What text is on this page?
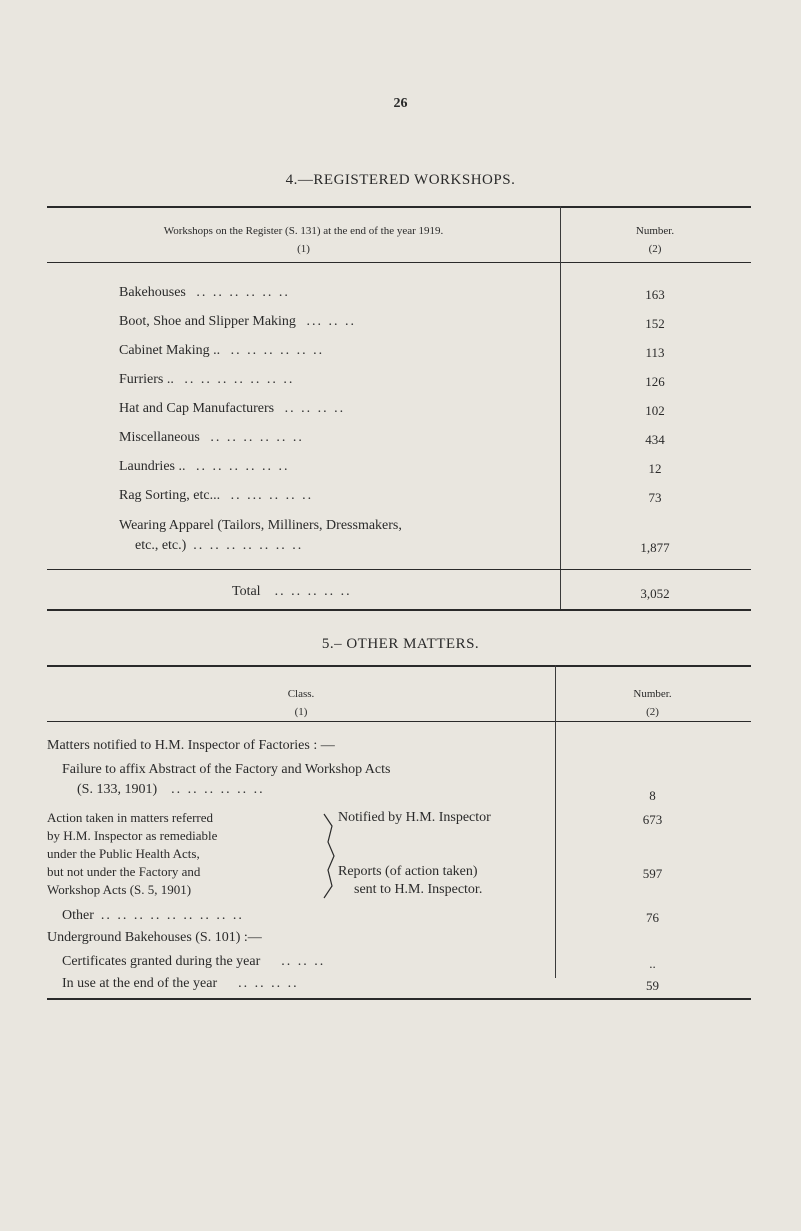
26
4.—REGISTERED WORKSHOPS.
Workshops on the Register (S. 131) at the end of the year 1919.
(1)
Number.
(2)
Bakehouses .. .. .. .. .. ..	163
Boot, Shoe and Slipper Making ... .. ..	152
Cabinet Making .. .. .. .. .. .. ..	113
Furriers .. .. .. .. .. .. .. ..	126
Hat and Cap Manufacturers .. .. .. ..	102
Miscellaneous .. .. .. .. .. ..	434
Laundries .. .. .. .. .. .. ..	12
Rag Sorting, etc... .. ... .. .. ..	73
Wearing Apparel (Tailors, Milliners, Dressmakers,
etc., etc.) .. .. .. .. .. .. ..	1,877
Total .. .. .. .. ..	3,052
5.– OTHER MATTERS.
Class.
(1)
Number.
(2)
Matters notified to H.M. Inspector of Factories : —
Failure to affix Abstract of the Factory and Workshop Acts
(S. 133, 1901) .. .. .. .. .. ..	8
Action taken in matters referred
by H.M. Inspector as remediable
under the Public Health Acts,
but not under the Factory and
Workshop Acts (S. 5, 1901)
Notified by H.M. Inspector	673
Reports (of action taken)
sent to H.M. Inspector.
597
Other .. .. .. .. .. .. .. .. ..	76
Underground Bakehouses (S. 101) :—
Certificates granted during the year .. .. ..	..
In use at the end of the year .. .. .. ..	59
